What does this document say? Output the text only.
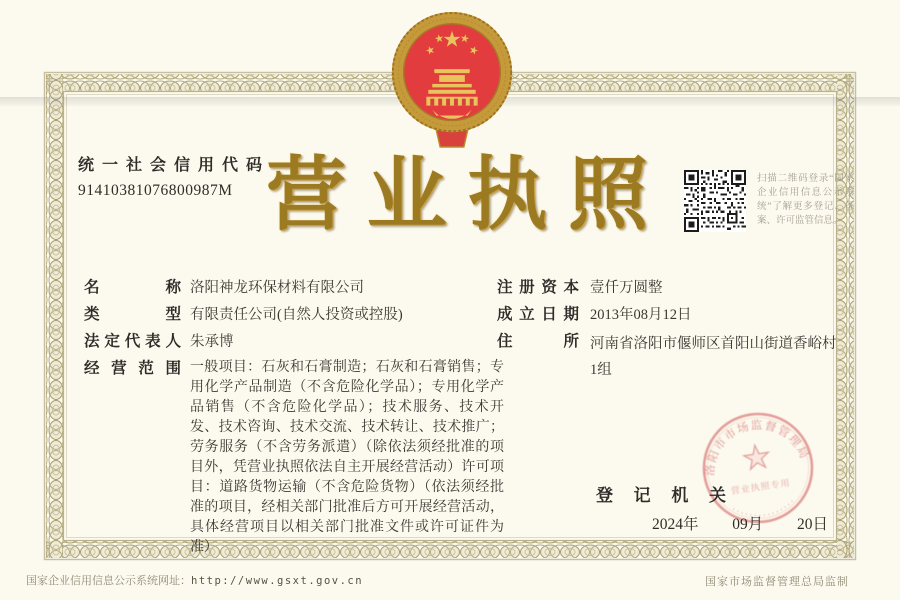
统一社会信用代码
91410381076800987M 营 业 执 照	扫描二维码登录“国家企业信用信息公示系统”了解更多登记、备案、许可监管信息。
名称 洛阳神龙环保材料有限公司
类型 有限责任公司(自然人投资或控股)
法定代表人 朱承博
经营范围 一般项目：石灰和石膏制造；石灰和石膏销售；专用化学产品制造（不含危险化学品）；专用化学产品销售（不含危险化学品）；技术服务、技术开发、技术咨询、技术交流、技术转让、技术推广；劳务服务（不含劳务派遣）（除依法须经批准的项目外，凭营业执照依法自主开展经营活动）许可项目：道路货物运输（不含危险货物）（依法须经批准的项目，经相关部门批准后方可开展经营活动，具体经营项目以相关部门批准文件或许可证件为准）
注册资本 壹仟万圆整
成立日期 2013年08月12日
住所 河南省洛阳市偃师区首阳山街道香峪村1组
洛阳市市场监督管理局
营业执照专用
登记机关
2024年 09月 20日
国家企业信用信息公示系统网址：http://www.gsxt.gov.cn	国家市场监督管理总局监制
